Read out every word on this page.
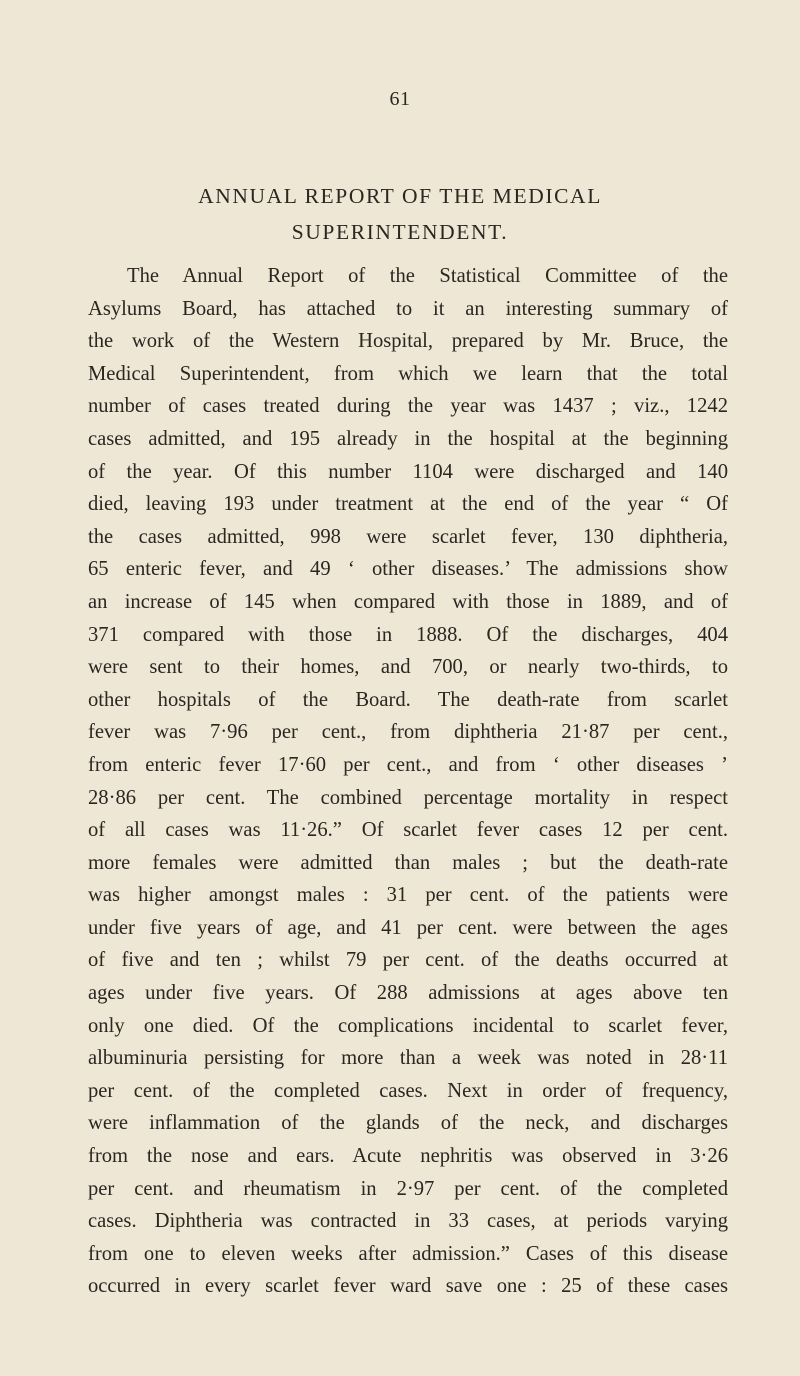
61
ANNUAL REPORT OF THE MEDICAL
SUPERINTENDENT.
The Annual Report of the Statistical Committee of the
Asylums Board, has attached to it an interesting summary of
the work of the Western Hospital, prepared by Mr. Bruce, the
Medical Superintendent, from which we learn that the total
number of cases treated during the year was 1437 ; viz., 1242
cases admitted, and 195 already in the hospital at the beginning
of the year. Of this number 1104 were discharged and 140
died, leaving 193 under treatment at the end of the year “ Of
the cases admitted, 998 were scarlet fever, 130 diphtheria,
65 enteric fever, and 49 ‘ other diseases.’ The admissions show
an increase of 145 when compared with those in 1889, and of
371 compared with those in 1888. Of the discharges, 404
were sent to their homes, and 700, or nearly two-thirds, to
other hospitals of the Board. The death-rate from scarlet
fever was 7·96 per cent., from diphtheria 21·87 per cent.,
from enteric fever 17·60 per cent., and from ‘ other diseases ’
28·86 per cent. The combined percentage mortality in respect
of all cases was 11·26.” Of scarlet fever cases 12 per cent.
more females were admitted than males ; but the death-rate
was higher amongst males : 31 per cent. of the patients were
under five years of age, and 41 per cent. were between the ages
of five and ten ; whilst 79 per cent. of the deaths occurred at
ages under five years. Of 288 admissions at ages above ten
only one died. Of the complications incidental to scarlet fever,
albuminuria persisting for more than a week was noted in 28·11
per cent. of the completed cases. Next in order of frequency,
were inflammation of the glands of the neck, and discharges
from the nose and ears. Acute nephritis was observed in 3·26
per cent. and rheumatism in 2·97 per cent. of the completed
cases. Diphtheria was contracted in 33 cases, at periods varying
from one to eleven weeks after admission.” Cases of this disease
occurred in every scarlet fever ward save one : 25 of these cases
